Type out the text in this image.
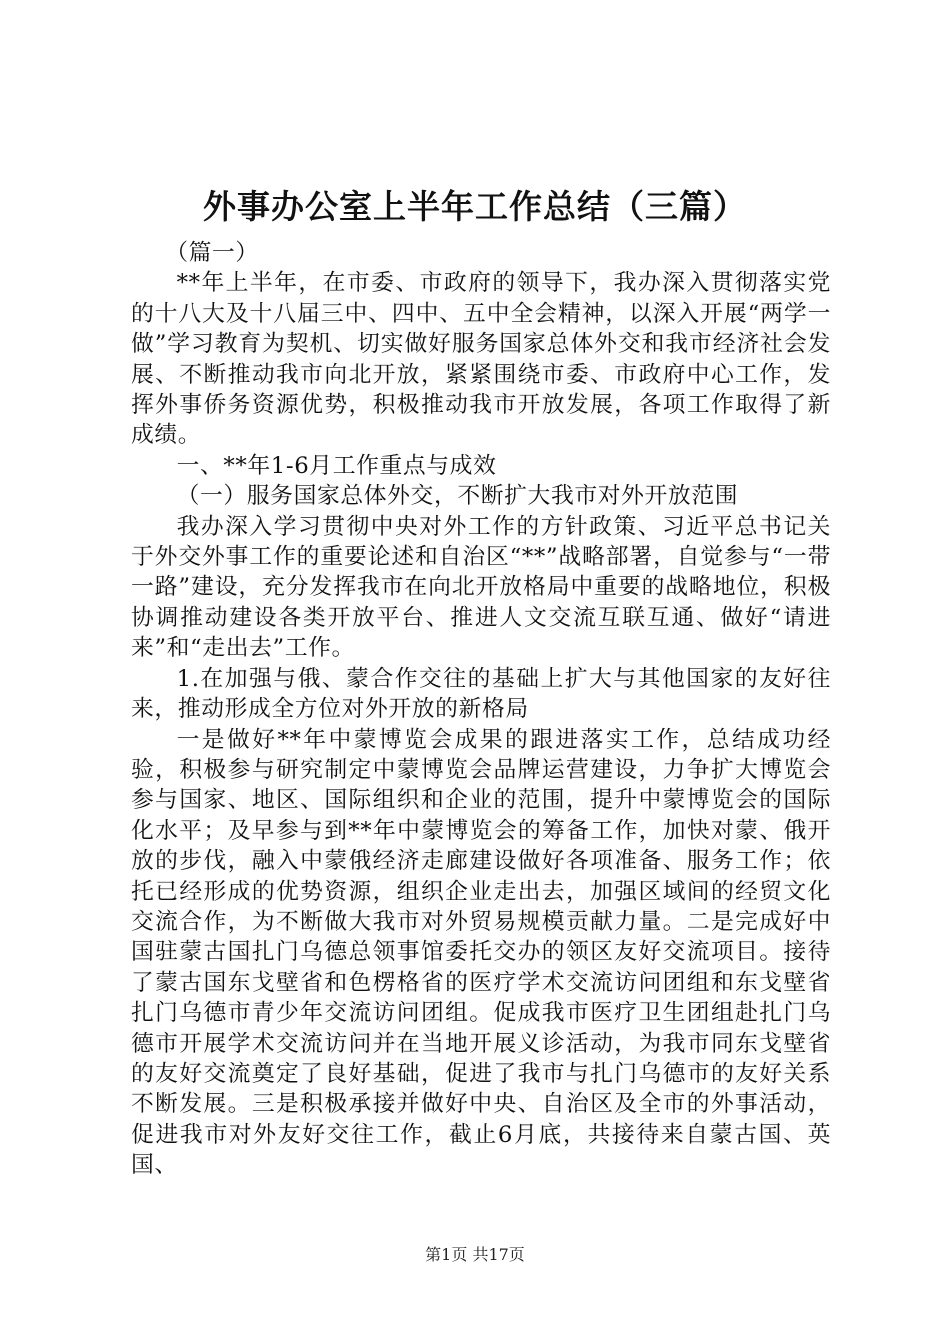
外事办公室上半年工作总结（三篇）

（篇一）

**年上半年，在市委、市政府的领导下，我办深入贯彻落实党的十八大及十八届三中、四中、五中全会精神，以深入开展“两学一做”学习教育为契机、切实做好服务国家总体外交和我市经济社会发展、不断推动我市向北开放，紧紧围绕市委、市政府中心工作，发挥外事侨务资源优势，积极推动我市开放发展，各项工作取得了新成绩。

一、**年1-6月工作重点与成效

（一）服务国家总体外交，不断扩大我市对外开放范围

我办深入学习贯彻中央对外工作的方针政策、习近平总书记关于外交外事工作的重要论述和自治区“**”战略部署，自觉参与“一带一路”建设，充分发挥我市在向北开放格局中重要的战略地位，积极协调推动建设各类开放平台、推进人文交流互联互通、做好“请进来”和“走出去”工作。

1.在加强与俄、蒙合作交往的基础上扩大与其他国家的友好往来，推动形成全方位对外开放的新格局

一是做好**年中蒙博览会成果的跟进落实工作，总结成功经验，积极参与研究制定中蒙博览会品牌运营建设，力争扩大博览会参与国家、地区、国际组织和企业的范围，提升中蒙博览会的国际化水平；及早参与到**年中蒙博览会的筹备工作，加快对蒙、俄开放的步伐，融入中蒙俄经济走廊建设做好各项准备、服务工作；依托已经形成的优势资源，组织企业走出去，加强区域间的经贸文化交流合作，为不断做大我市对外贸易规模贡献力量。二是完成好中国驻蒙古国扎门乌德总领事馆委托交办的领区友好交流项目。接待了蒙古国东戈壁省和色楞格省的医疗学术交流访问团组和东戈壁省扎门乌德市青少年交流访问团组。促成我市医疗卫生团组赴扎门乌德市开展学术交流访问并在当地开展义诊活动，为我市同东戈壁省的友好交流奠定了良好基础，促进了我市与扎门乌德市的友好关系不断发展。三是积极承接并做好中央、自治区及全市的外事活动，促进我市对外友好交往工作，截止6月底，共接待来自蒙古国、英国、

第1页 共17页
